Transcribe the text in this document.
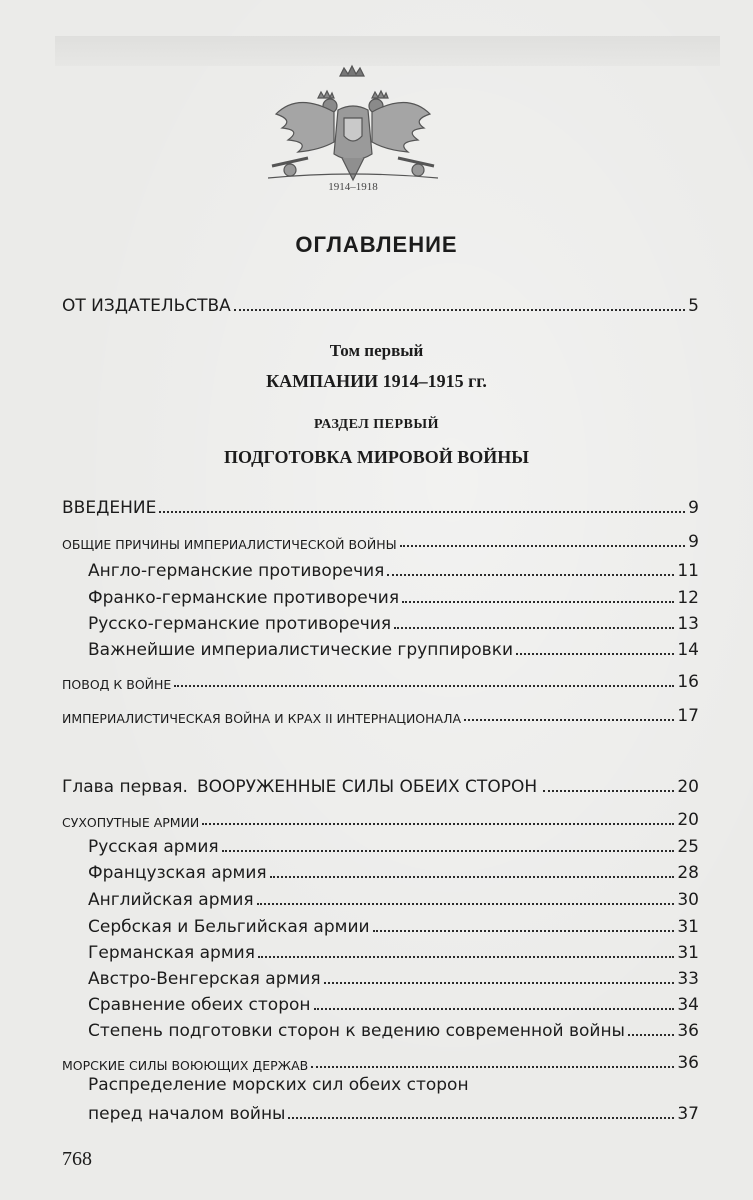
1914–1918
ОГЛАВЛЕНИЕ
ОТ ИЗДАТЕЛЬСТВА	5
Том первый
КАМПАНИИ 1914–1915 гг.
РАЗДЕЛ ПЕРВЫЙ
ПОДГОТОВКА МИРОВОЙ ВОЙНЫ
ВВЕДЕНИЕ	9
ОБЩИЕ ПРИЧИНЫ ИМПЕРИАЛИСТИЧЕСКОЙ ВОЙНЫ	9
Англо-германские противоречия	11
Франко-германские противоречия	12
Русско-германские противоречия	13
Важнейшие империалистические группировки	14
ПОВОД К ВОЙНЕ	16
ИМПЕРИАЛИСТИЧЕСКАЯ ВОЙНА И КРАХ II ИНТЕРНАЦИОНАЛА	17
Глава первая. ВООРУЖЕННЫЕ СИЛЫ ОБЕИХ СТОРОН	20
СУХОПУТНЫЕ АРМИИ	20
Русская армия	25
Французская армия	28
Английская армия	30
Сербская и Бельгийская армии	31
Германская армия	31
Австро-Венгерская армия	33
Сравнение обеих сторон	34
Степень подготовки сторон к ведению современной войны	36
МОРСКИЕ СИЛЫ ВОЮЮЩИХ ДЕРЖАВ	36
Распределение морских сил обеих сторон
перед началом войны	37
768
